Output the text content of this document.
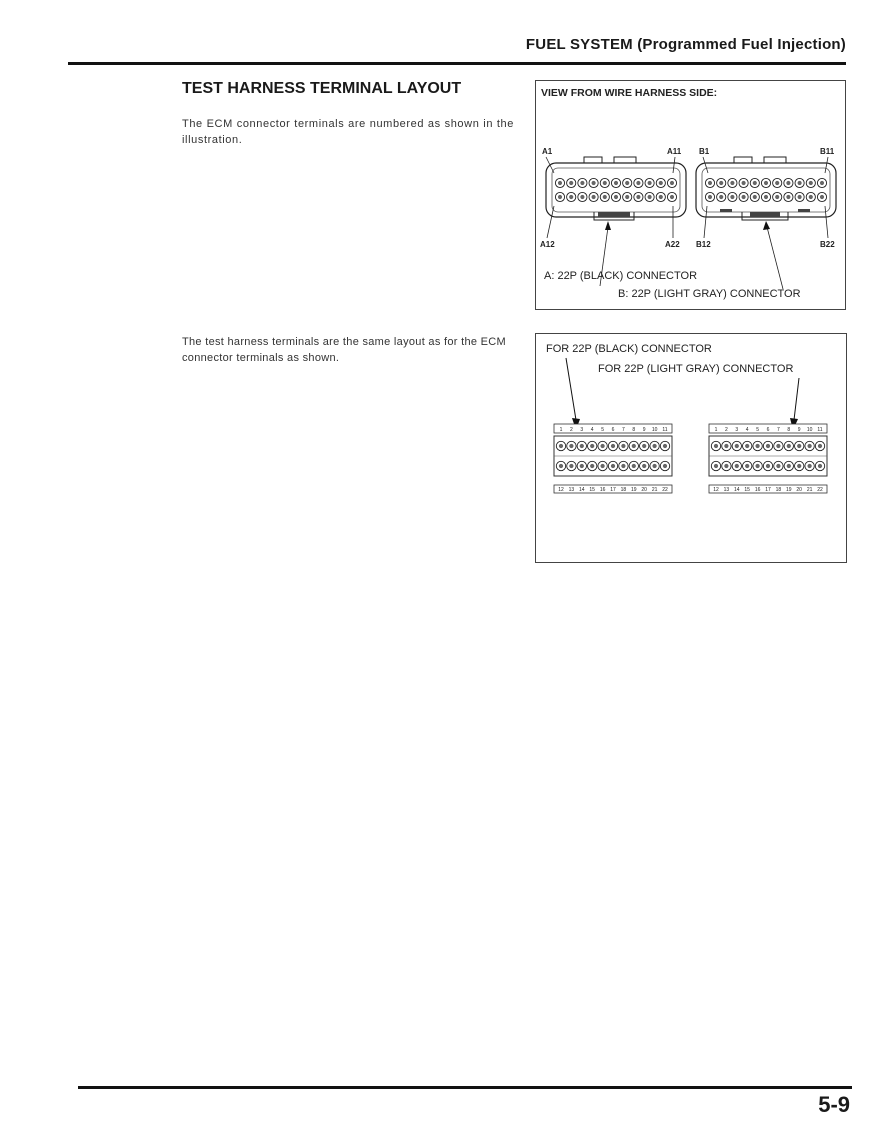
FUEL SYSTEM (Programmed Fuel Injection)
TEST HARNESS TERMINAL LAYOUT
The ECM connector terminals are numbered as shown in the illustration.
The test harness terminals are the same layout as for the ECM connector terminals as shown.
VIEW FROM WIRE HARNESS SIDE:
A1	A11 B1	B11
A12	A22 B12	B22
A: 22P (BLACK) CONNECTOR
B: 22P (LIGHT GRAY) CONNECTOR
FOR 22P (BLACK) CONNECTOR
FOR 22P (LIGHT GRAY) CONNECTOR
1 2 3 4 5 6 7 8 9 10 11
12 13 14 15 16 17 18 19 20 21 22
1 2 3 4 5 6 7 8 9 10 11
12 13 14 15 16 17 18 19 20 21 22
5-9
